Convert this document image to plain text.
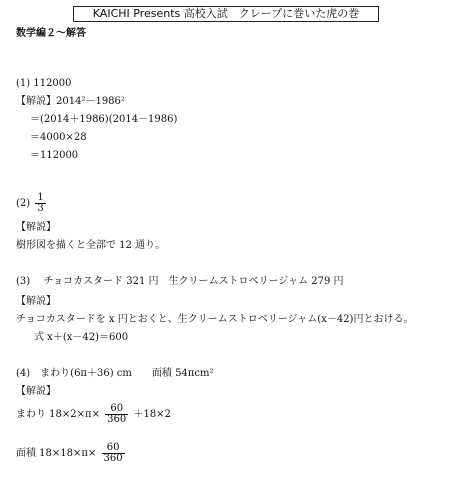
KAICHI Presents 高校入試　クレープに巻いた虎の巻
数学編２～解答
(1) 112000
【解説】2014²－1986²
＝(2014＋1986)(2014－1986)
＝4000×28
＝112000
$(2) \frac{1}{3}$
【解説】
樹形図を描くと全部で 12 通り。
(3)　 チョコカスタード 321 円　生クリームストロベリージャム 279 円
【解説】
チョコカスタードを x 円とおくと、生クリームストロベリージャム(x－42)円とおける。
式 x＋(x－42)＝600
(4)　まわり(6π＋36) cm　　面積 54πcm²
【解説】
まわり $18\times 2\times\pi\times \frac{60}{360} +18\times 2$
面積 $18\times 18\times\pi\times \frac{60}{360}$
